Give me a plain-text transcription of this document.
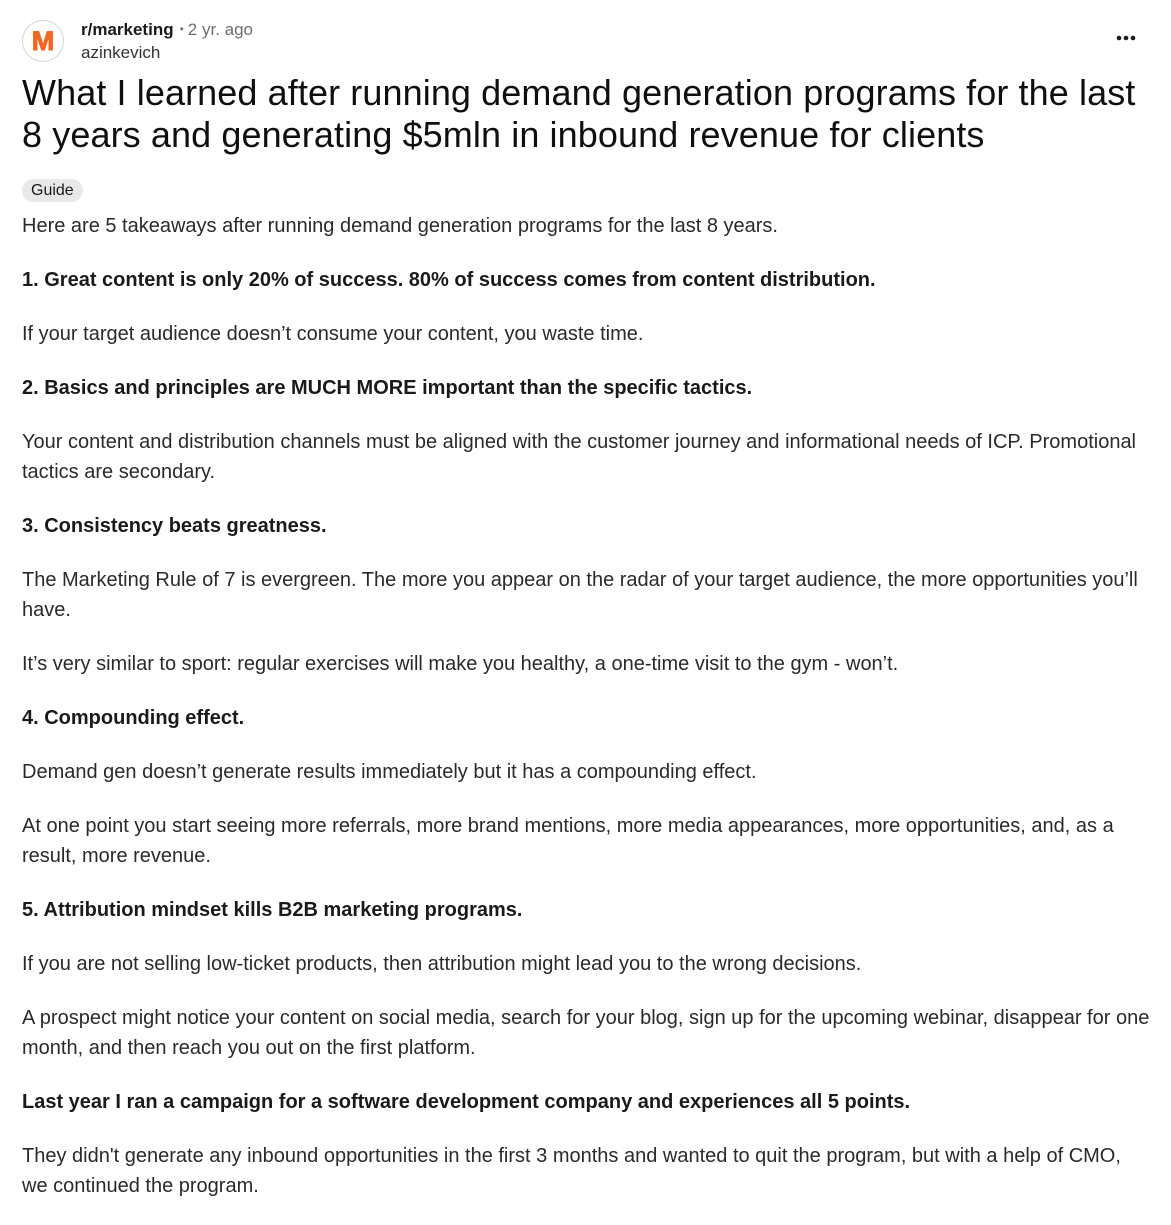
M r/marketing • 2 yr. ago
azinkevich
What I learned after running demand generation programs for the last 8 years and generating $5mln in inbound revenue for clients
Guide

Here are 5 takeaways after running demand generation programs for the last 8 years.

1. Great content is only 20% of success. 80% of success comes from content distribution.

If your target audience doesn’t consume your content, you waste time.

2. Basics and principles are MUCH MORE important than the specific tactics.

Your content and distribution channels must be aligned with the customer journey and informational needs of ICP. Promotional tactics are secondary.

3. Consistency beats greatness.

The Marketing Rule of 7 is evergreen. The more you appear on the radar of your target audience, the more opportunities you’ll have.

It’s very similar to sport: regular exercises will make you healthy, a one-time visit to the gym - won’t.

4. Compounding effect.

Demand gen doesn’t generate results immediately but it has a compounding effect.

At one point you start seeing more referrals, more brand mentions, more media appearances, more opportunities, and, as a result, more revenue.

5. Attribution mindset kills B2B marketing programs.

If you are not selling low-ticket products, then attribution might lead you to the wrong decisions.

A prospect might notice your content on social media, search for your blog, sign up for the upcoming webinar, disappear for one month, and then reach you out on the first platform.

Last year I ran a campaign for a software development company and experiences all 5 points.

They didn't generate any inbound opportunities in the first 3 months and wanted to quit the program, but with a help of CMO, we continued the program.
